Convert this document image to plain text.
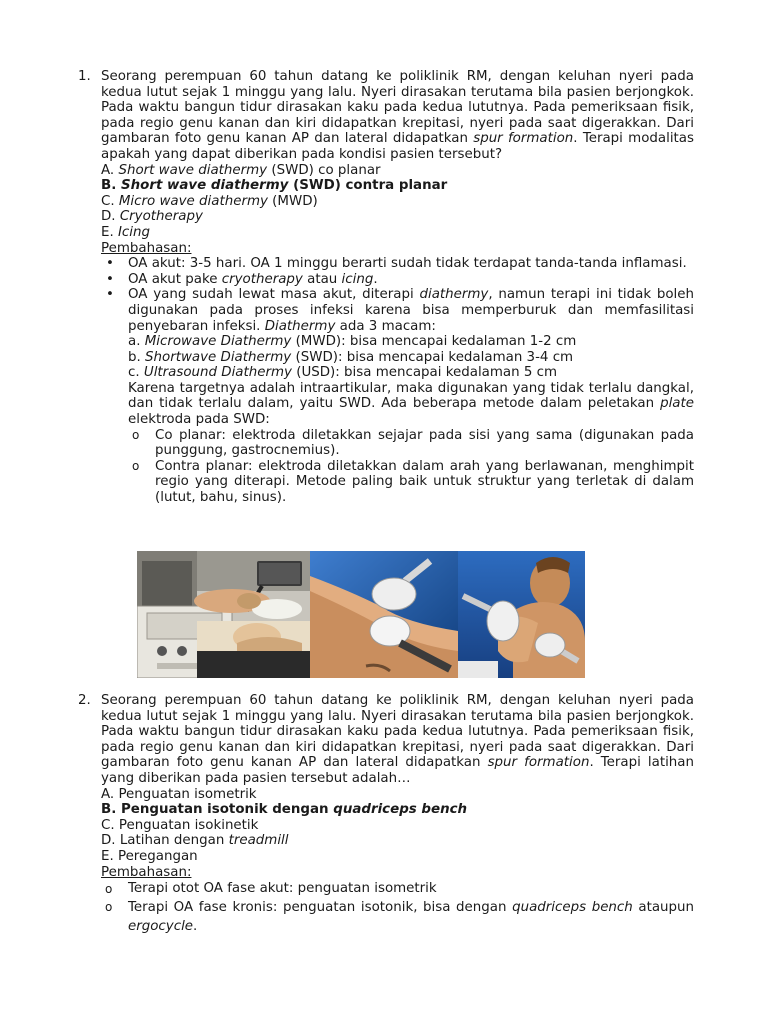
1. Seorang perempuan 60 tahun datang ke poliklinik RM, dengan keluhan nyeri pada kedua lutut sejak 1 minggu yang lalu. Nyeri dirasakan terutama bila pasien berjongkok. Pada waktu bangun tidur dirasakan kaku pada kedua lututnya. Pada pemeriksaan fisik, pada regio genu kanan dan kiri didapatkan krepitasi, nyeri pada saat digerakkan. Dari gambaran foto genu kanan AP dan lateral didapatkan spur formation. Terapi modalitas apakah yang dapat diberikan pada kondisi pasien tersebut?
A. Short wave diathermy (SWD) co planar
B. Short wave diathermy (SWD) contra planar
C. Micro wave diathermy (MWD)
D. Cryotherapy
E. Icing
Pembahasan:
• OA akut: 3-5 hari. OA 1 minggu berarti sudah tidak terdapat tanda-tanda inflamasi.
• OA akut pake cryotherapy atau icing.
• OA yang sudah lewat masa akut, diterapi diathermy, namun terapi ini tidak boleh digunakan pada proses infeksi karena bisa memperburuk dan memfasilitasi penyebaran infeksi. Diathermy ada 3 macam:
a. Microwave Diathermy (MWD): bisa mencapai kedalaman 1-2 cm
b. Shortwave Diathermy (SWD): bisa mencapai kedalaman 3-4 cm
c. Ultrasound Diathermy (USD): bisa mencapai kedalaman 5 cm
Karena targetnya adalah intraartikular, maka digunakan yang tidak terlalu dangkal, dan tidak terlalu dalam, yaitu SWD. Ada beberapa metode dalam peletakan plate elektroda pada SWD:
o Co planar: elektroda diletakkan sejajar pada sisi yang sama (digunakan pada punggung, gastrocnemius).
o Contra planar: elektroda diletakkan dalam arah yang berlawanan, menghimpit regio yang diterapi. Metode paling baik untuk struktur yang terletak di dalam (lutut, bahu, sinus).
2. Seorang perempuan 60 tahun datang ke poliklinik RM, dengan keluhan nyeri pada kedua lutut sejak 1 minggu yang lalu. Nyeri dirasakan terutama bila pasien berjongkok. Pada waktu bangun tidur dirasakan kaku pada kedua lututnya. Pada pemeriksaan fisik, pada regio genu kanan dan kiri didapatkan krepitasi, nyeri pada saat digerakkan. Dari gambaran foto genu kanan AP dan lateral didapatkan spur formation. Terapi latihan yang diberikan pada pasien tersebut adalah…
A. Penguatan isometrik
B. Penguatan isotonik dengan quadriceps bench
C. Penguatan isokinetik
D. Latihan dengan treadmill
E. Peregangan
Pembahasan:
o Terapi otot OA fase akut: penguatan isometrik
o Terapi OA fase kronis: penguatan isotonik, bisa dengan quadriceps bench ataupun ergocycle.
